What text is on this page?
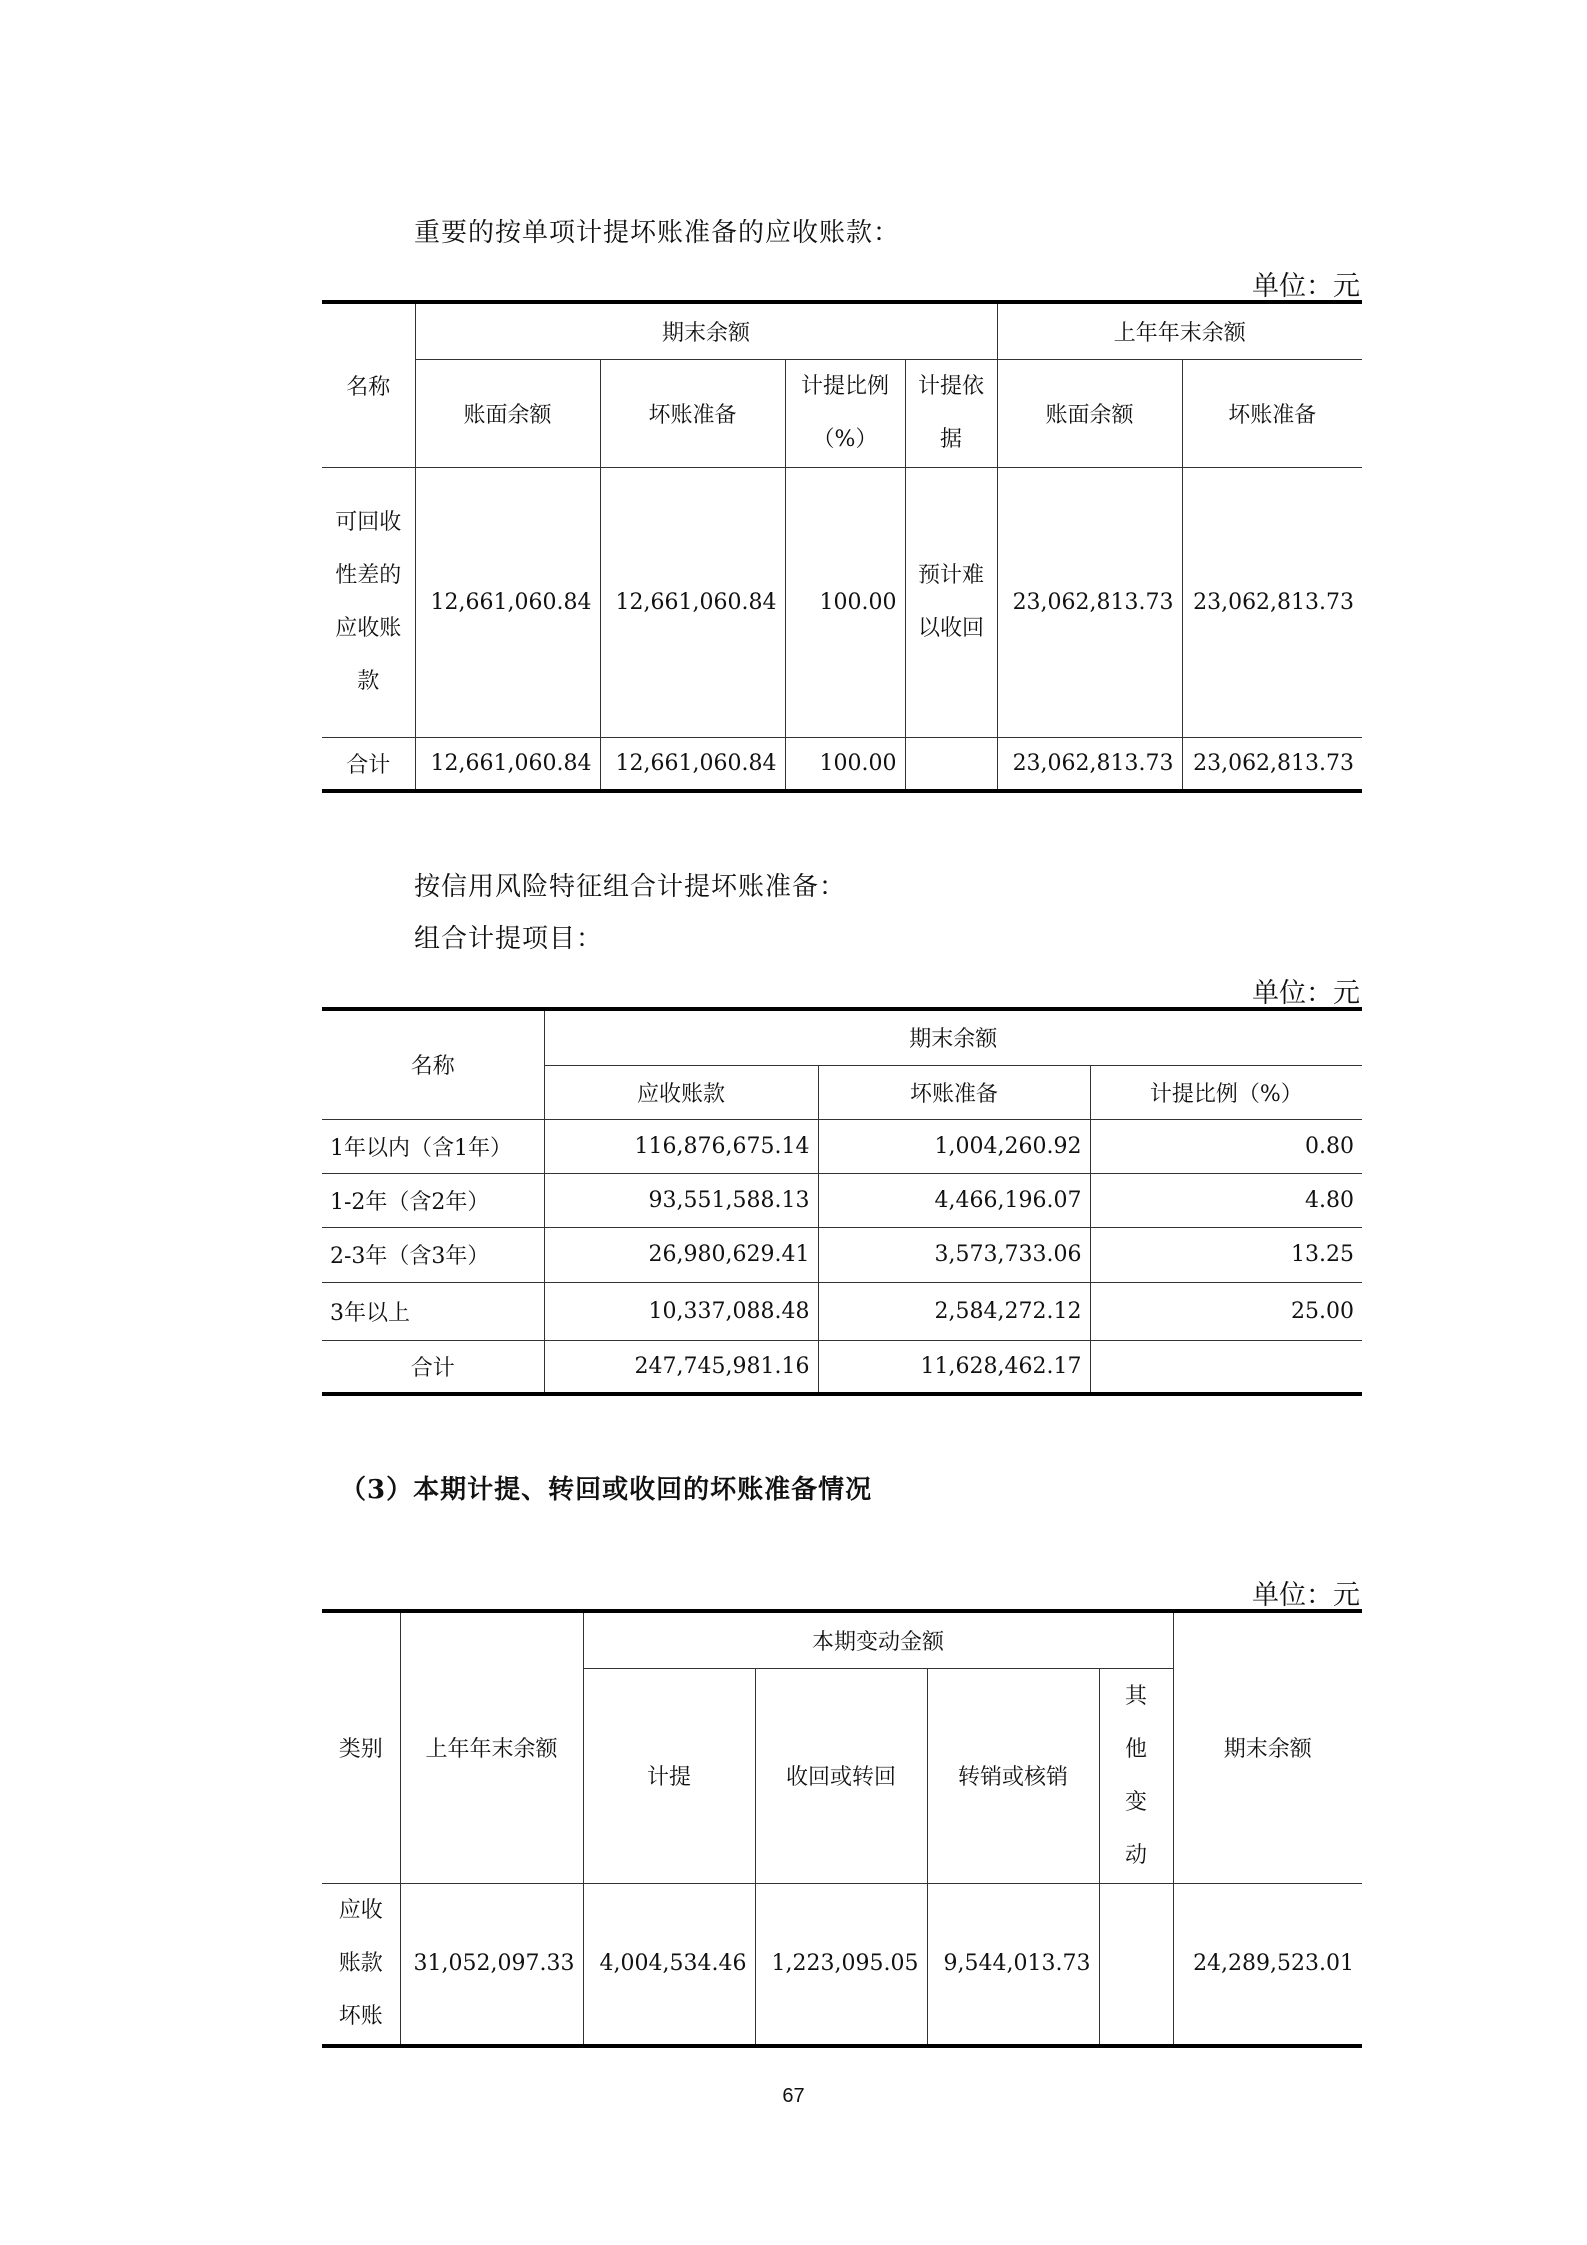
重要的按单项计提坏账准备的应收账款：
单位：元
名称	期末余额				上年年末余额	
	账面余额	坏账准备	计提比例（%）	计提依据	账面余额	坏账准备
可回收性差的应收账款	12,661,060.84	12,661,060.84	100.00	预计难以收回	23,062,813.73	23,062,813.73
合计	12,661,060.84	12,661,060.84	100.00		23,062,813.73	23,062,813.73
按信用风险特征组合计提坏账准备：
组合计提项目：
单位：元
名称	期末余额		
	应收账款	坏账准备	计提比例（%）
1年以内（含1年）	116,876,675.14	1,004,260.92	0.80
1-2年（含2年）	93,551,588.13	4,466,196.07	4.80
2-3年（含3年）	26,980,629.41	3,573,733.06	13.25
3年以上	10,337,088.48	2,584,272.12	25.00
合计	247,745,981.16	11,628,462.17	
（3）本期计提、转回或收回的坏账准备情况
单位：元
类别	上年年末余额	本期变动金额				期末余额
		计提	收回或转回	转销或核销	其他变动	
应收账款坏账	31,052,097.33	4,004,534.46	1,223,095.05	9,544,013.73		24,289,523.01
67
